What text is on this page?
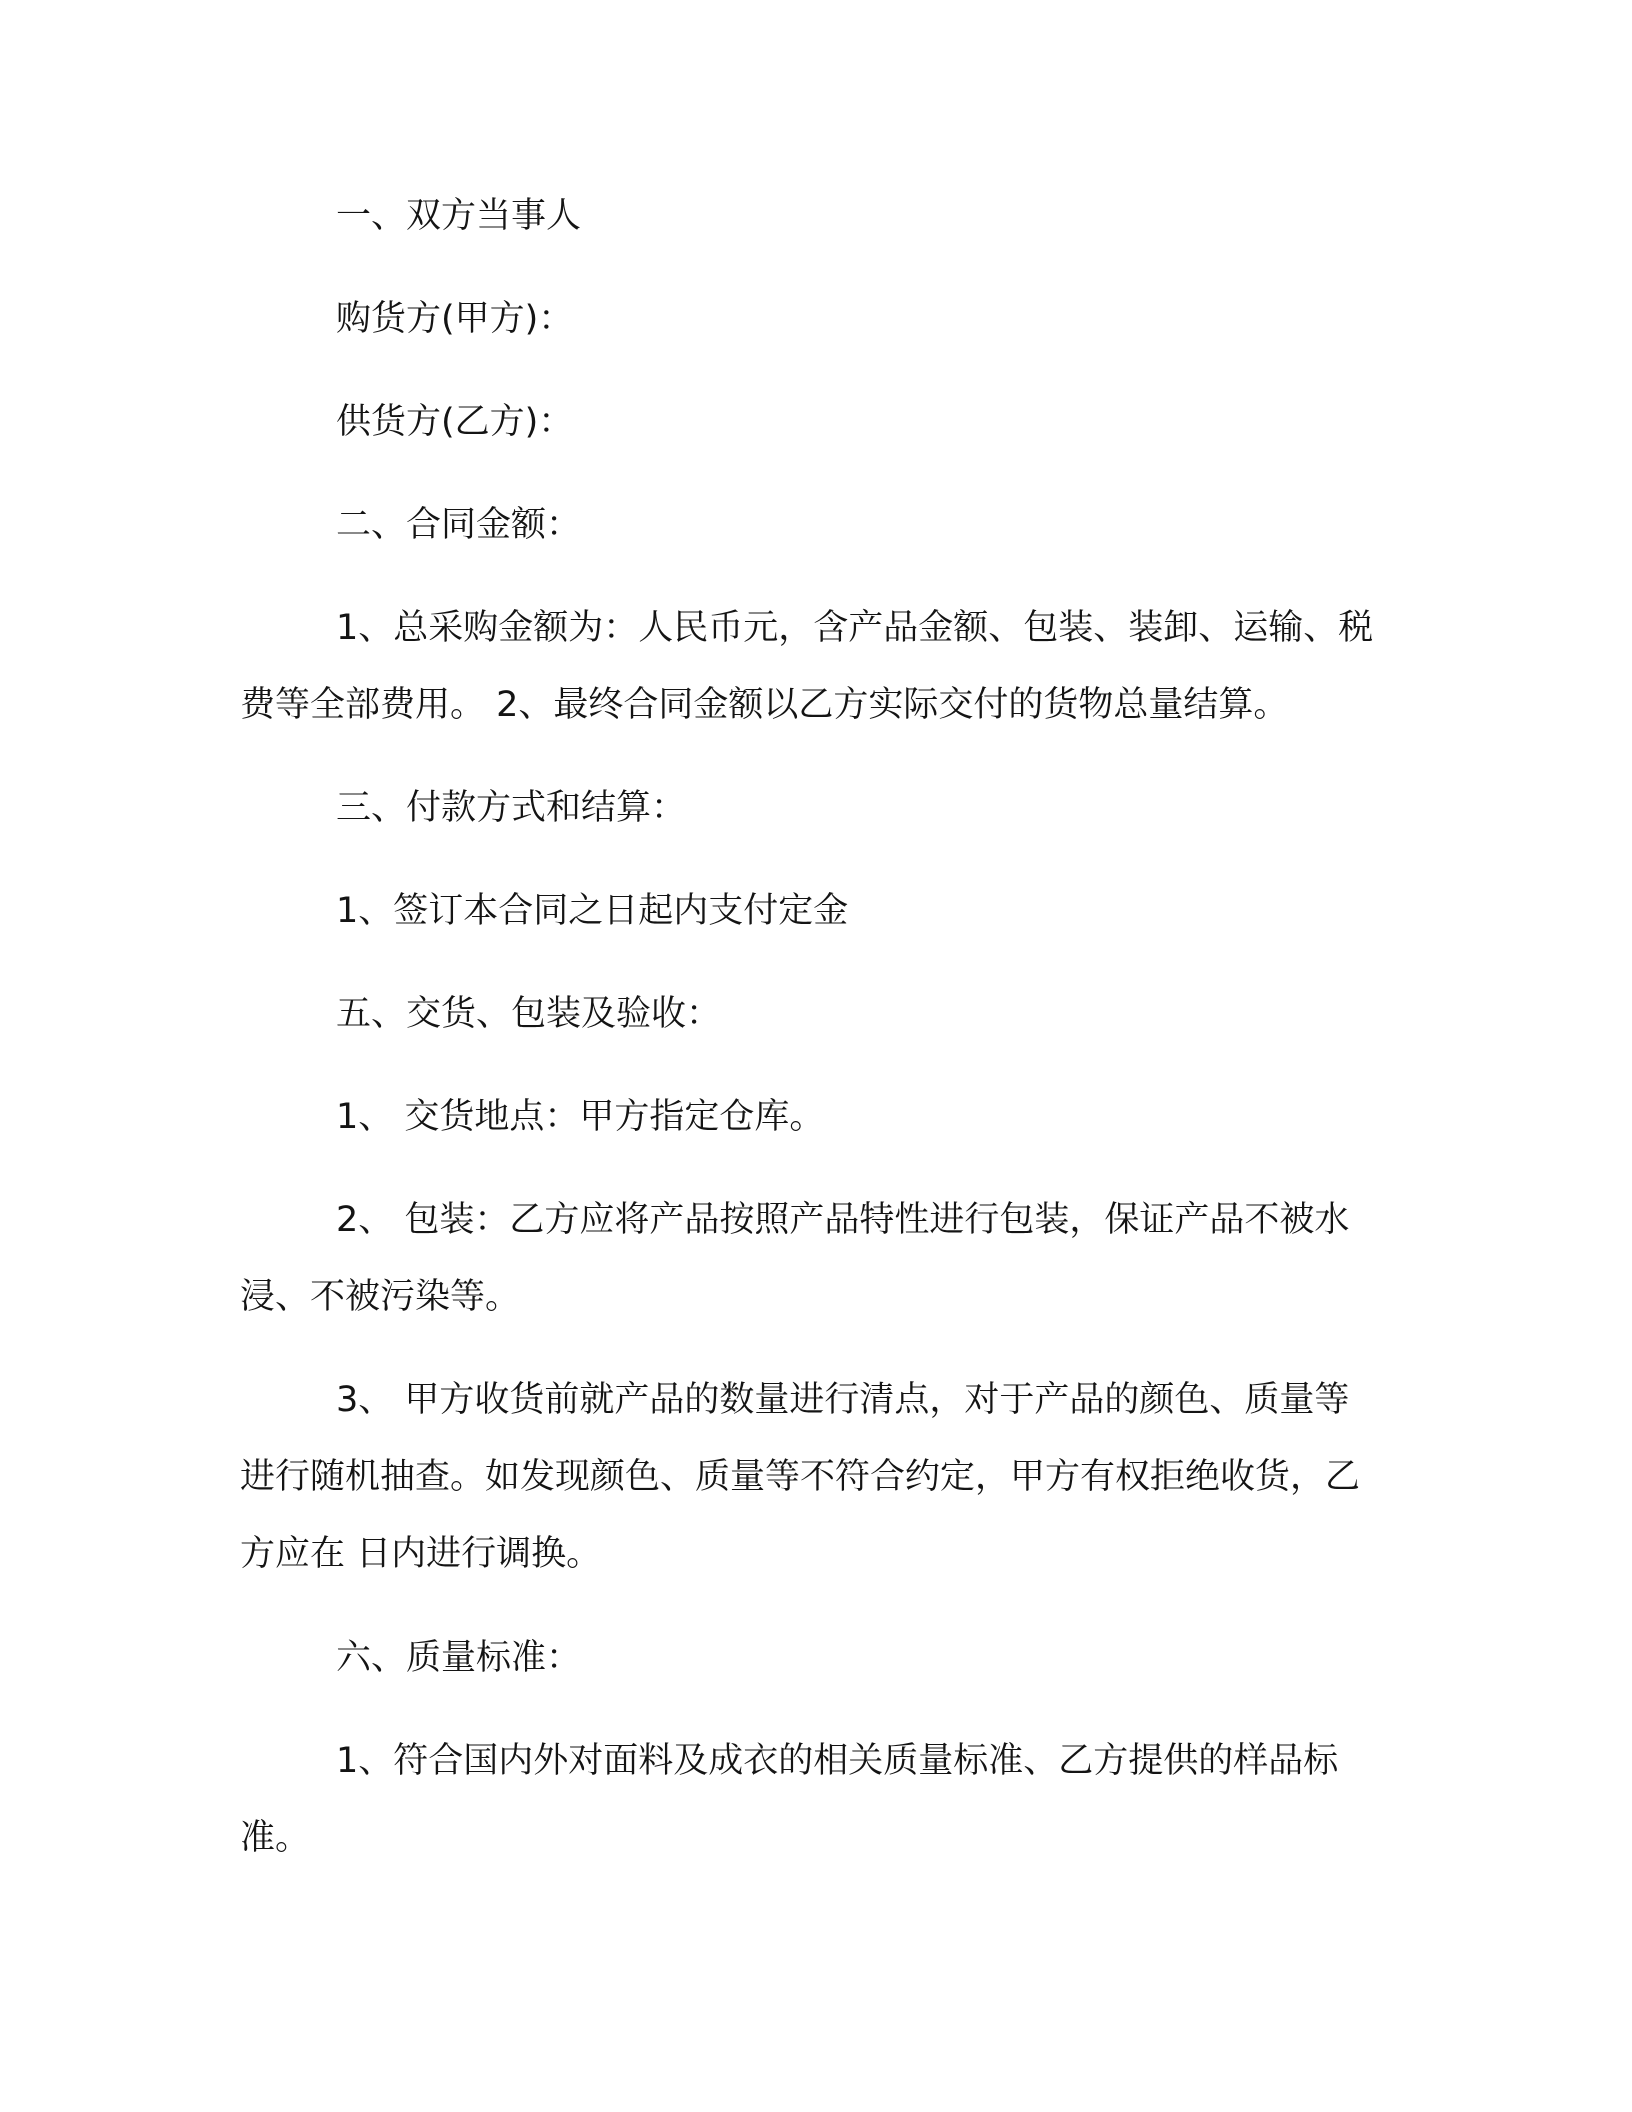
一、双方当事人

购货方(甲方)：

供货方(乙方)：

二、合同金额：

1、总采购金额为：人民币元，含产品金额、包装、装卸、运输、税费等全部费用。 2、最终合同金额以乙方实际交付的货物总量结算。

三、付款方式和结算：

1、签订本合同之日起内支付定金

五、交货、包装及验收：

1、 交货地点：甲方指定仓库。

2、 包装：乙方应将产品按照产品特性进行包装，保证产品不被水浸、不被污染等。

3、 甲方收货前就产品的数量进行清点，对于产品的颜色、质量等进行随机抽查。如发现颜色、质量等不符合约定，甲方有权拒绝收货，乙方应在 日内进行调换。

六、质量标准：

1、符合国内外对面料及成衣的相关质量标准、乙方提供的样品标准。
